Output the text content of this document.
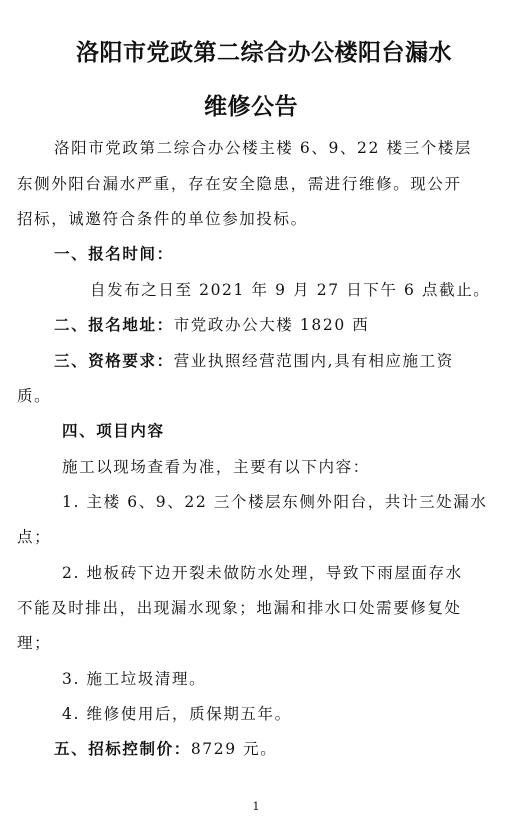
洛阳市党政第二综合办公楼阳台漏水
维修公告
洛阳市党政第二综合办公楼主楼 6、9、22 楼三个楼层
东侧外阳台漏水严重，存在安全隐患，需进行维修。现公开
招标，诚邀符合条件的单位参加投标。
一、报名时间：
自发布之日至 2021 年 9 月 27 日下午 6 点截止。
二、报名地址：市党政办公大楼 1820 西
三、资格要求：营业执照经营范围内,具有相应施工资
质。
四、项目内容
施工以现场查看为准，主要有以下内容：
1. 主楼 6、9、22 三个楼层东侧外阳台，共计三处漏水
点；
2. 地板砖下边开裂未做防水处理，导致下雨屋面存水
不能及时排出，出现漏水现象；地漏和排水口处需要修复处
理；
3. 施工垃圾清理。
4. 维修使用后，质保期五年。
五、招标控制价：8729 元。
1
